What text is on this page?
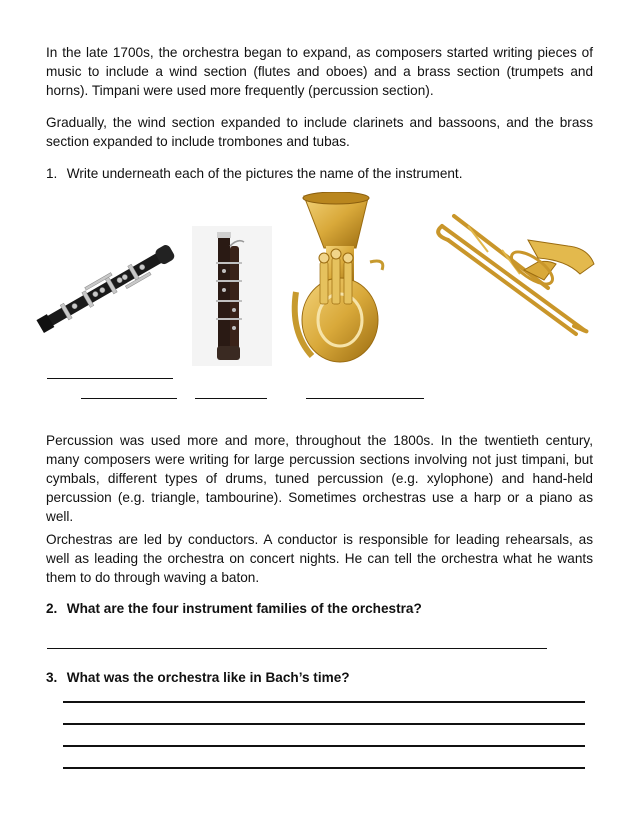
In the late 1700s, the orchestra began to expand, as composers started writing pieces of music to include a wind section (flutes and oboes) and a brass section (trumpets and horns). Timpani were used more frequently (percussion section).

Gradually, the wind section expanded to include clarinets and bassoons, and the brass section expanded to include trombones and tubas.

1. Write underneath each of the pictures the name of the instrument.

Percussion was used more and more, throughout the 1800s. In the twentieth century, many composers were writing for large percussion sections involving not just timpani, but cymbals, different types of drums, tuned percussion (e.g. xylophone) and hand-held percussion (e.g. triangle, tambourine). Sometimes orchestras use a harp or a piano as well.

Orchestras are led by conductors. A conductor is responsible for leading rehearsals, as well as leading the orchestra on concert nights. He can tell the orchestra what he wants them to do through waving a baton.

2. What are the four instrument families of the orchestra?

3. What was the orchestra like in Bach’s time?
